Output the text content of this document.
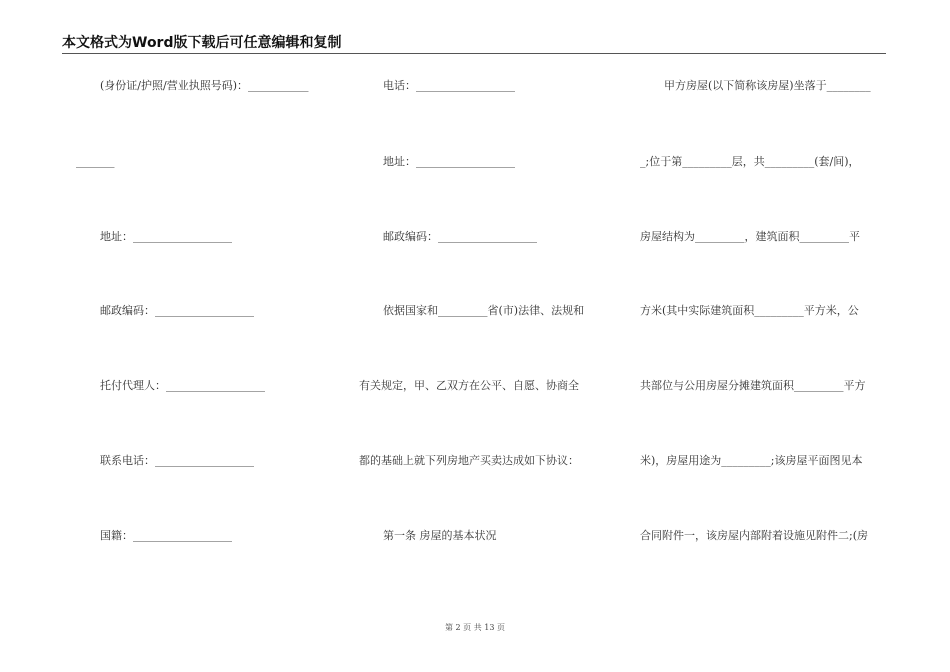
本文格式为Word版下载后可任意编辑和复制
(身份证/护照/营业执照号码)：___________
_______
地址：__________________
邮政编码：__________________
托付代理人：__________________
联系电话：__________________
国籍：__________________
电话：__________________
地址：__________________
邮政编码：__________________
依据国家和_________省(市)法律、法规和
有关规定，甲、乙双方在公平、自愿、协商全
都的基础上就下列房地产买卖达成如下协议：
第一条 房屋的基本状况
甲方房屋(以下简称该房屋)坐落于________
_;位于第_________层，共_________(套/间)，
房屋结构为_________，建筑面积_________平
方米(其中实际建筑面积_________平方米，公
共部位与公用房屋分摊建筑面积_________平方
米)，房屋用途为_________;该房屋平面图见本
合同附件一，该房屋内部附着设施见附件二;(房
第 2 页 共 13 页
